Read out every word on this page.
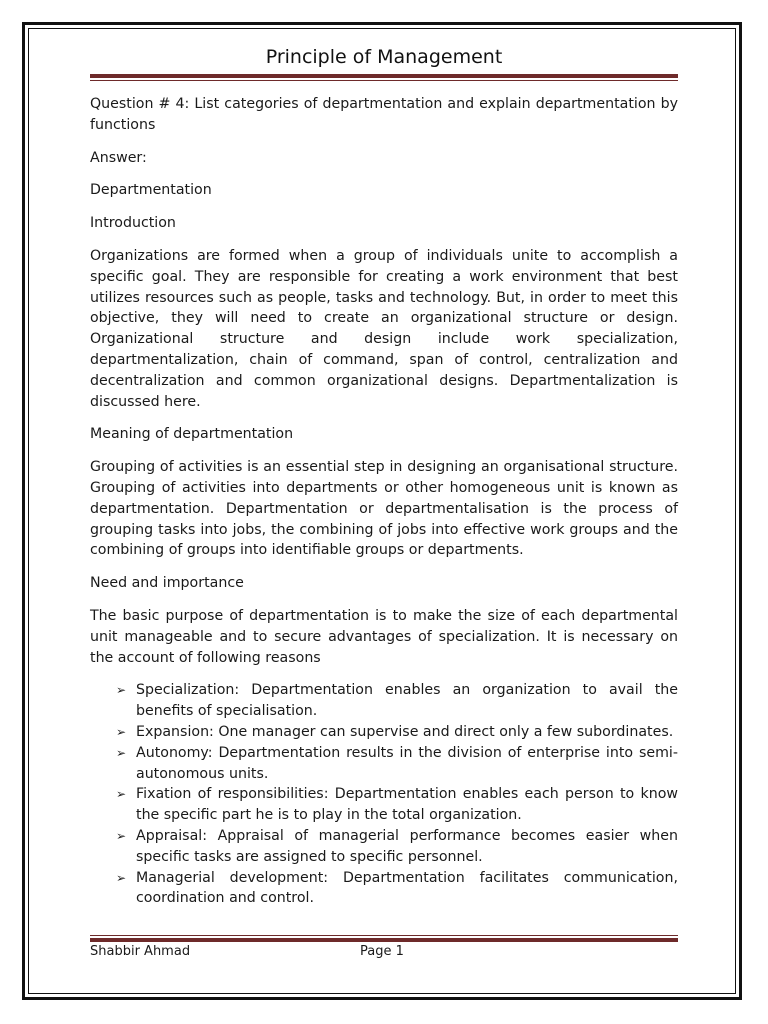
Principle of Management

Question # 4: List categories of departmentation and explain departmentation by functions

Answer:

Departmentation

Introduction

Organizations are formed when a group of individuals unite to accomplish a specific goal. They are responsible for creating a work environment that best utilizes resources such as people, tasks and technology. But, in order to meet this objective, they will need to create an organizational structure or design. Organizational structure and design include work specialization, departmentalization, chain of command, span of control, centralization and decentralization and common organizational designs. Departmentalization is discussed here.

Meaning of departmentation

Grouping of activities is an essential step in designing an organisational structure. Grouping of activities into departments or other homogeneous unit is known as departmentation. Departmentation or departmentalisation is the process of grouping tasks into jobs, the combining of jobs into effective work groups and the combining of groups into identifiable groups or departments.

Need and importance

The basic purpose of departmentation is to make the size of each departmental unit manageable and to secure advantages of specialization. It is necessary on the account of following reasons

➢ Specialization: Departmentation enables an organization to avail the benefits of specialisation.
➢ Expansion: One manager can supervise and direct only a few subordinates.
➢ Autonomy: Departmentation results in the division of enterprise into semi-autonomous units.
➢ Fixation of responsibilities: Departmentation enables each person to know the specific part he is to play in the total organization.
➢ Appraisal: Appraisal of managerial performance becomes easier when specific tasks are assigned to specific personnel.
➢ Managerial development: Departmentation facilitates communication, coordination and control.
Shabbir Ahmad	Page 1
